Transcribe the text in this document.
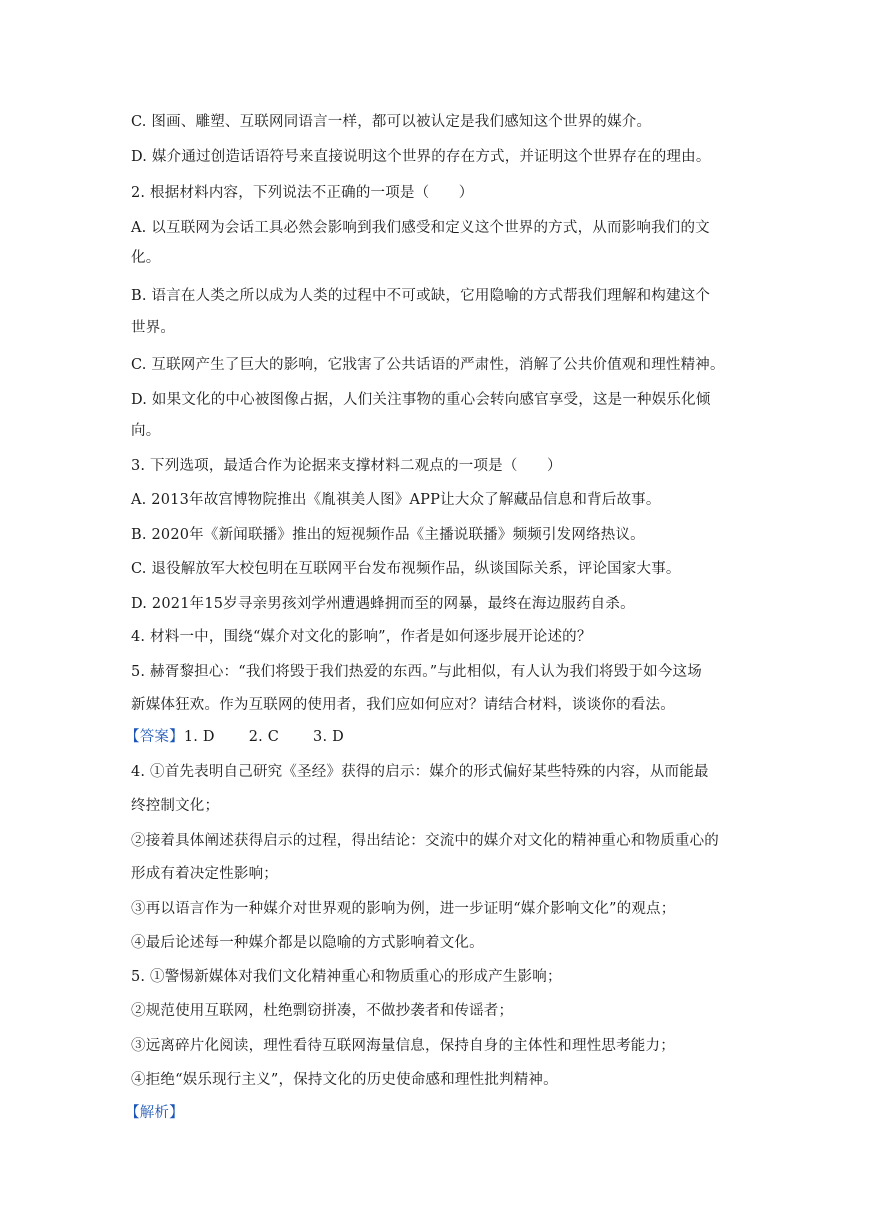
C. 图画、雕塑、互联网同语言一样，都可以被认定是我们感知这个世界的媒介。
D. 媒介通过创造话语符号来直接说明这个世界的存在方式，并证明这个世界存在的理由。
2. 根据材料内容，下列说法不正确的一项是（　　）
A. 以互联网为会话工具必然会影响到我们感受和定义这个世界的方式，从而影响我们的文
化。
B. 语言在人类之所以成为人类的过程中不可或缺，它用隐喻的方式帮我们理解和构建这个
世界。
C. 互联网产生了巨大的影响，它戕害了公共话语的严肃性，消解了公共价值观和理性精神。
D. 如果文化的中心被图像占据，人们关注事物的重心会转向感官享受，这是一种娱乐化倾
向。
3. 下列选项，最适合作为论据来支撑材料二观点的一项是（　　）
A. 2013年故宫博物院推出《胤祺美人图》APP让大众了解藏品信息和背后故事。
B. 2020年《新闻联播》推出的短视频作品《主播说联播》频频引发网络热议。
C. 退役解放军大校包明在互联网平台发布视频作品，纵谈国际关系，评论国家大事。
D. 2021年15岁寻亲男孩刘学州遭遇蜂拥而至的网暴，最终在海边服药自杀。
4. 材料一中，围绕“媒介对文化的影响”，作者是如何逐步展开论述的？
5. 赫胥黎担心：“我们将毁于我们热爱的东西。”与此相似，有人认为我们将毁于如今这场
新媒体狂欢。作为互联网的使用者，我们应如何应对？请结合材料，谈谈你的看法。
【答案】1. D 2. C 3. D
4. ①首先表明自己研究《圣经》获得的启示：媒介的形式偏好某些特殊的内容，从而能最
终控制文化；
②接着具体阐述获得启示的过程，得出结论：交流中的媒介对文化的精神重心和物质重心的
形成有着决定性影响；
③再以语言作为一种媒介对世界观的影响为例，进一步证明“媒介影响文化”的观点；
④最后论述每一种媒介都是以隐喻的方式影响着文化。
5. ①警惕新媒体对我们文化精神重心和物质重心的形成产生影响；
②规范使用互联网，杜绝剽窃拼凑，不做抄袭者和传谣者；
③远离碎片化阅读，理性看待互联网海量信息，保持自身的主体性和理性思考能力；
④拒绝“娱乐现行主义”，保持文化的历史使命感和理性批判精神。
【解析】
